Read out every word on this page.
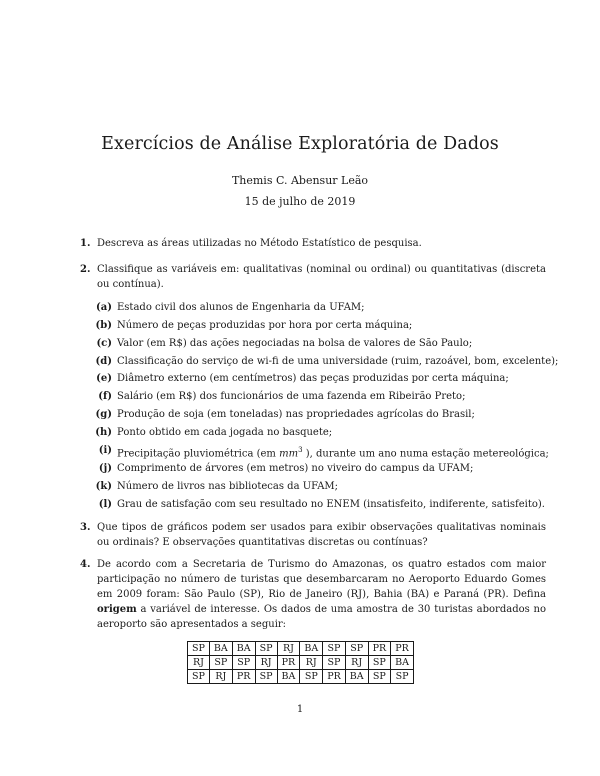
Exercícios de Análise Exploratória de Dados
Themis C. Abensur Leão
15 de julho de 2019
1. Descreva as áreas utilizadas no Método Estatístico de pesquisa.
2. Classifique as variáveis em: qualitativas (nominal ou ordinal) ou quantitativas (discreta ou contínua).
(a) Estado civil dos alunos de Engenharia da UFAM;
(b) Número de peças produzidas por hora por certa máquina;
(c) Valor (em R$) das ações negociadas na bolsa de valores de São Paulo;
(d) Classificação do serviço de wi-fi de uma universidade (ruim, razoável, bom, excelente);
(e) Diâmetro externo (em centímetros) das peças produzidas por certa máquina;
(f) Salário (em R$) dos funcionários de uma fazenda em Ribeirão Preto;
(g) Produção de soja (em toneladas) nas propriedades agrícolas do Brasil;
(h) Ponto obtido em cada jogada no basquete;
(i) Precipitação pluviométrica (em $mm^3$ ), durante um ano numa estação metereológica;
(j) Comprimento de árvores (em metros) no viveiro do campus da UFAM;
(k) Número de livros nas bibliotecas da UFAM;
(l) Grau de satisfação com seu resultado no ENEM (insatisfeito, indiferente, satisfeito).
3. Que tipos de gráficos podem ser usados para exibir observações qualitativas nominais ou ordinais? E observações quantitativas discretas ou contínuas?
4. De acordo com a Secretaria de Turismo do Amazonas, os quatro estados com maior participação no número de turistas que desembarcaram no Aeroporto Eduardo Gomes em 2009 foram: São Paulo (SP), Rio de Janeiro (RJ), Bahia (BA) e Paraná (PR). Defina origem a variável de interesse. Os dados de uma amostra de 30 turistas abordados no aeroporto são apresentados a seguir:
SP	BA	BA	SP	RJ	BA	SP	SP	PR	PR
RJ	SP	SP	RJ	PR	RJ	SP	RJ	SP	BA
SP	RJ	PR	SP	BA	SP	PR	BA	SP	SP
1
